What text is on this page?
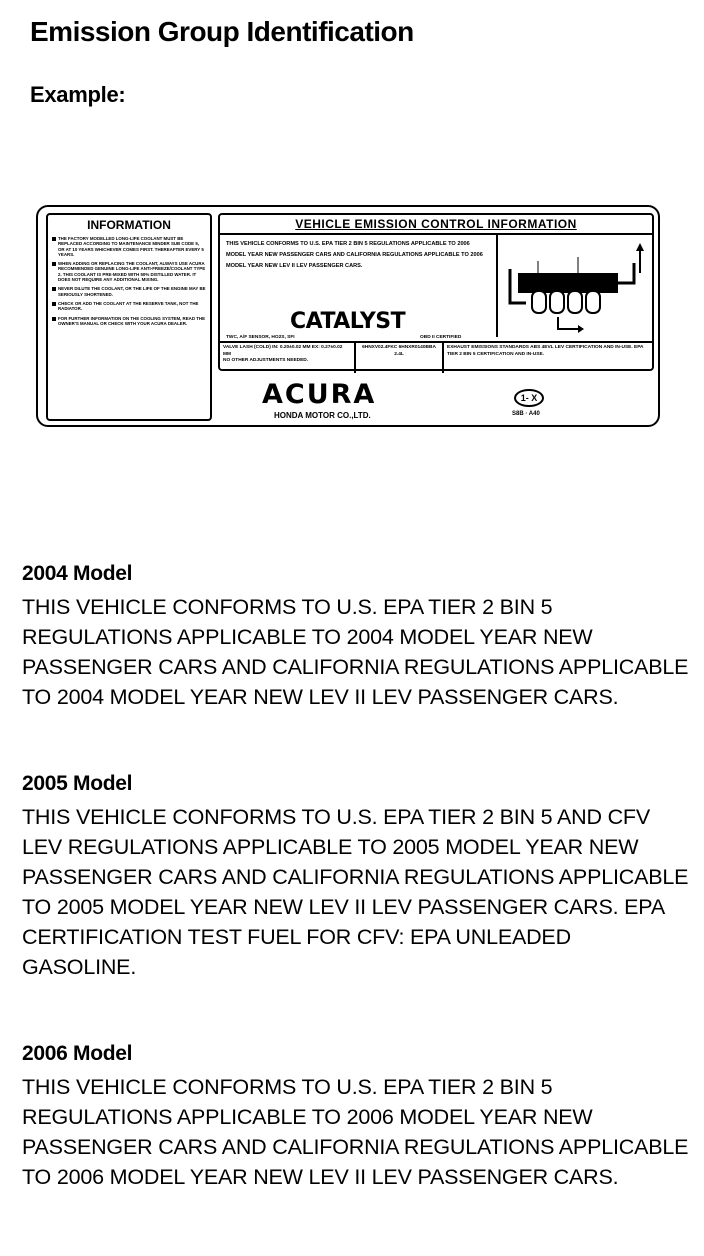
Emission Group Identification
Example:
INFORMATION
THE FACTORY MODELLED LONG-LIFE COOLANT MUST BE REPLACED ACCORDING TO MAINTENANCE MINDER SUB CODE 5, OR AT 10 YEARS WHICHEVER COMES FIRST. THEREAFTER EVERY 5 YEARS.
WHEN ADDING OR REPLACING THE COOLANT, ALWAYS USE ACURA RECOMMENDED GENUINE LONG-LIFE ANTI-FREEZE/COOLANT TYPE 2. THIS COOLANT IS PRE-MIXED WITH 50% DISTILLED WATER. IT DOES NOT REQUIRE ANY ADDITIONAL MIXING.
NEVER DILUTE THE COOLANT, OR THE LIFE OF THE ENGINE MAY BE SERIOUSLY SHORTENED.
CHECK OR ADD THE COOLANT AT THE RESERVE TANK, NOT THE RADIATOR.
FOR FURTHER INFORMATION ON THE COOLING SYSTEM, READ THE OWNER'S MANUAL OR CHECK WITH YOUR ACURA DEALER.
VEHICLE EMISSION CONTROL INFORMATION
THIS VEHICLE CONFORMS TO U.S. EPA TIER 2 BIN 5 REGULATIONS APPLICABLE TO 2006 MODEL YEAR NEW PASSENGER CARS AND CALIFORNIA REGULATIONS APPLICABLE TO 2006 MODEL YEAR NEW LEV II LEV PASSENGER CARS.
CATALYST
TWC, A/F SENSOR, HO2S, SFI	OBD II CERTIFIED
VALVE LASH (COLD) IN: 0.20±0.02 MM EX: 0.27±0.02 MM
NO OTHER ADJUSTMENTS NEEDED.
6HNXV02.4FKC 6HNXR0140BBA
2.4L
EXHAUST EMISSIONS STANDARDS ABS 4EVL LEV CERTIFICATION AND IN-USE. EPA TIER 2 BIN 5 CERTIFICATION AND IN-USE.
ACURA
HONDA MOTOR CO.,LTD.
1- X
S8B · A40
2004 Model
THIS VEHICLE CONFORMS TO U.S. EPA TIER 2 BIN 5 REGULATIONS APPLICABLE TO 2004 MODEL YEAR NEW PASSENGER CARS AND CALIFORNIA REGULATIONS APPLICABLE TO 2004 MODEL YEAR NEW LEV II LEV PASSENGER CARS.
2005 Model
THIS VEHICLE CONFORMS TO U.S. EPA TIER 2 BIN 5 AND CFV LEV REGULATIONS APPLICABLE TO 2005 MODEL YEAR NEW PASSENGER CARS AND CALIFORNIA REGULATIONS APPLICABLE TO 2005 MODEL YEAR NEW LEV II LEV PASSENGER CARS. EPA CERTIFICATION TEST FUEL FOR CFV: EPA UNLEADED GASOLINE.
2006 Model
THIS VEHICLE CONFORMS TO U.S. EPA TIER 2 BIN 5 REGULATIONS APPLICABLE TO 2006 MODEL YEAR NEW PASSENGER CARS AND CALIFORNIA REGULATIONS APPLICABLE TO 2006 MODEL YEAR NEW LEV II LEV PASSENGER CARS.
